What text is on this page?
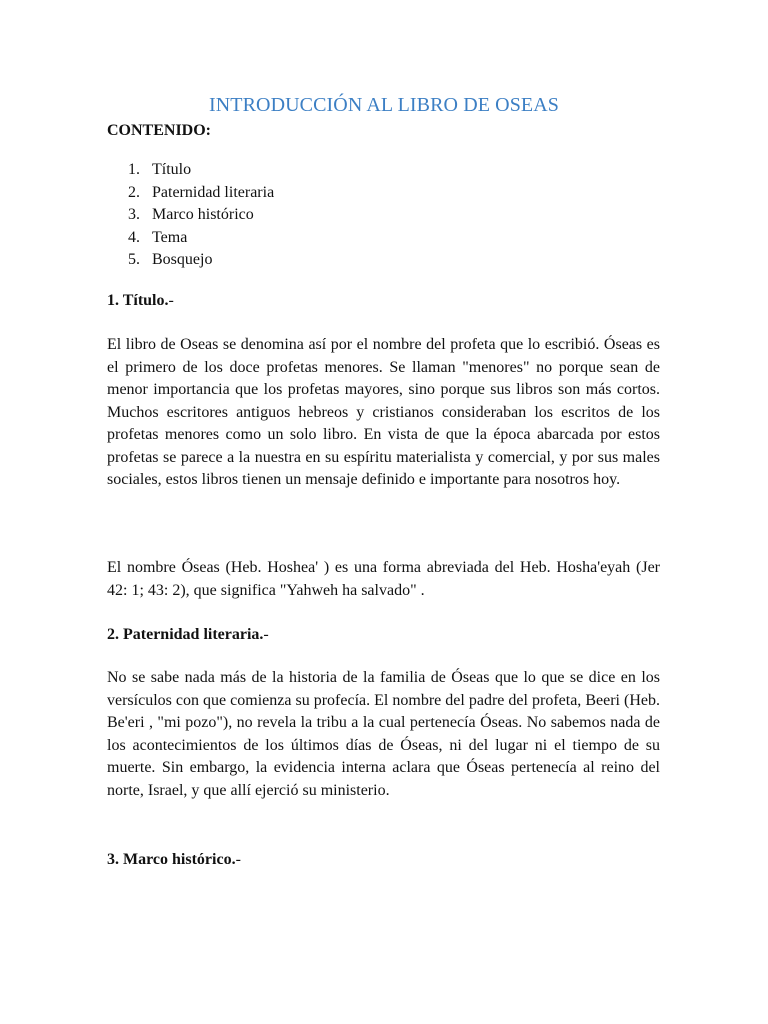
INTRODUCCIÓN AL LIBRO DE OSEAS
CONTENIDO:
1. Título
2. Paternidad literaria
3. Marco histórico
4. Tema
5. Bosquejo
1. Título.-

El libro de Oseas se denomina así por el nombre del profeta que lo escribió. Óseas es el primero de los doce profetas menores. Se llaman "menores" no porque sean de menor importancia que los profetas mayores, sino porque sus libros son más cortos. Muchos escritores antiguos hebreos y cristianos consideraban los escritos de los profetas menores como un solo libro. En vista de que la época abarcada por estos profetas se parece a la nuestra en su espíritu materialista y comercial, y por sus males sociales, estos libros tienen un mensaje definido e importante para nosotros hoy.

El nombre Óseas (Heb. Hoshea' ) es una forma abreviada del Heb. Hosha'eyah (Jer 42: 1; 43: 2), que significa "Yahweh ha salvado" .

2. Paternidad literaria.-

No se sabe nada más de la historia de la familia de Óseas que lo que se dice en los versículos con que comienza su profecía. El nombre del padre del profeta, Beeri (Heb. Be'eri , "mi pozo"), no revela la tribu a la cual pertenecía Óseas. No sabemos nada de los acontecimientos de los últimos días de Óseas, ni del lugar ni el tiempo de su muerte. Sin embargo, la evidencia interna aclara que Óseas pertenecía al reino del norte, Israel, y que allí ejerció su ministerio.

3. Marco histórico.-
